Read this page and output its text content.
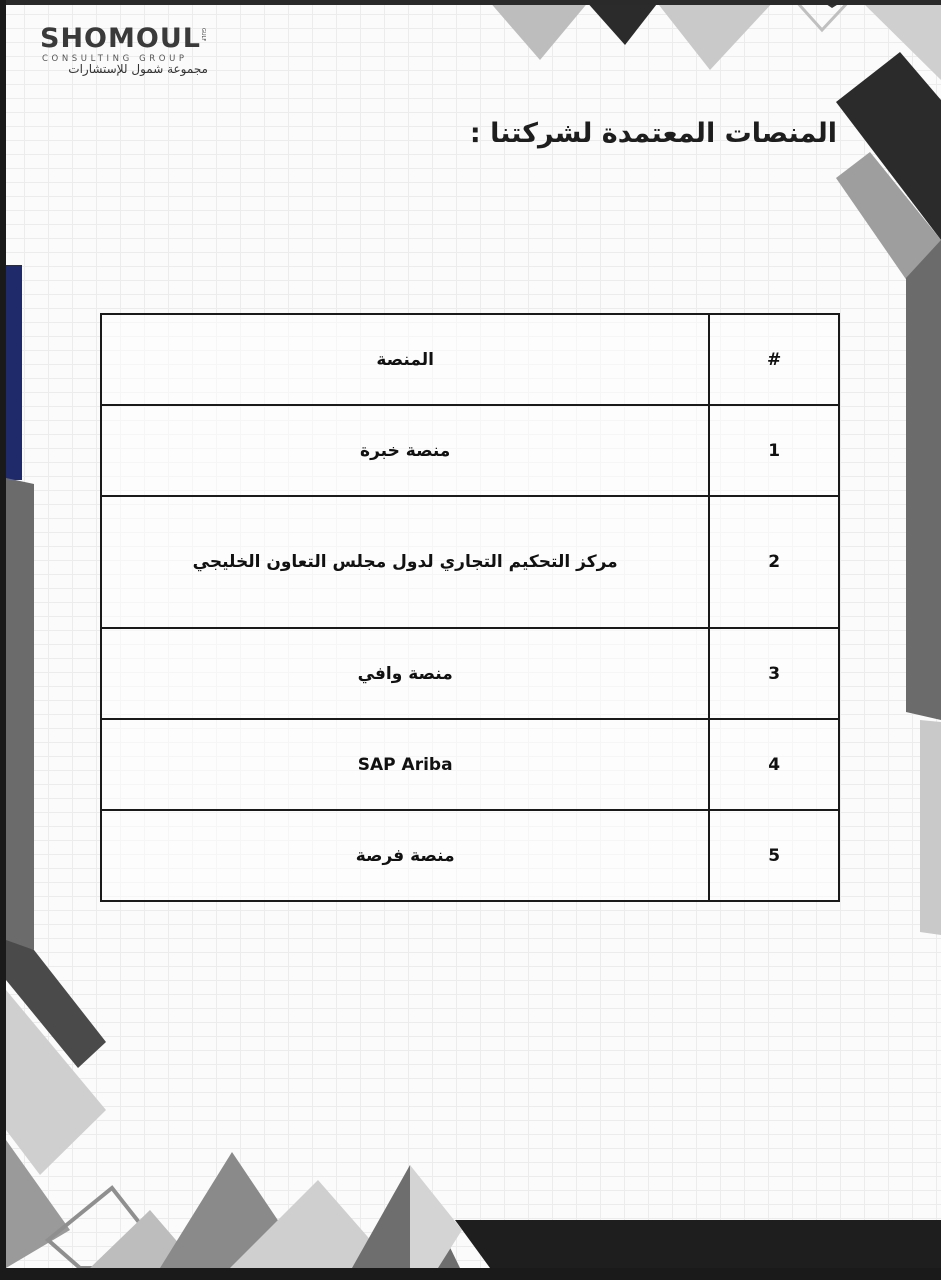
SHOMOUL GULF
CONSULTING GROUP
مجموعة شمول للإستشارات
المنصات المعتمدة لشركتنا :
#	المنصة
1	منصة خبرة
2	مركز التحكيم التجاري لدول مجلس التعاون الخليجي
3	منصة وافي
4	SAP Ariba
5	منصة فرصة
